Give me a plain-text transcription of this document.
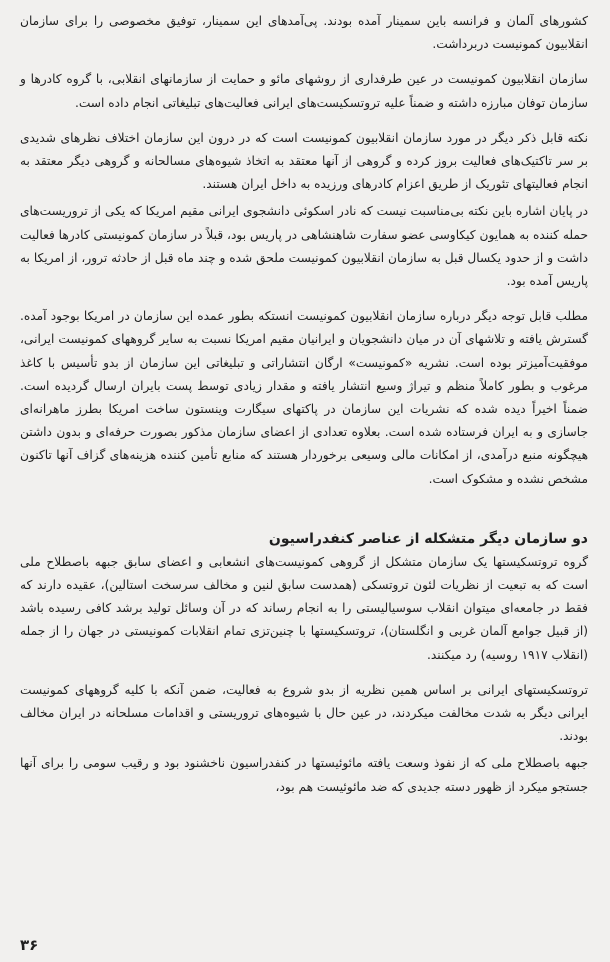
کشورهای آلمان و فرانسه باین سمینار آمده بودند. پی‌آمدهای این سمینار، توفیق مخصوصی را برای سازمان انقلابیون کمونیست دربرداشت.

سازمان انقلابیون کمونیست در عین طرفداری از روشهای مائو و حمایت از سازمانهای انقلابی، با گروه کادرها و سازمان توفان مبارزه داشته و ضمناً علیه تروتسکیست‌های ایرانی فعالیت‌های تبلیغاتی انجام داده است.

نکته قابل ذکر دیگر در مورد سازمان انقلابیون کمونیست است که در درون این سازمان اختلاف نظرهای شدیدی بر سر تاکتیک‌های فعالیت بروز کرده و گروهی از آنها معتقد به اتخاذ شیوه‌های مسالحانه و گروهی دیگر معتقد به انجام فعالیتهای تئوریک از طریق اعزام کادرهای ورزیده به داخل ایران هستند.

در پایان اشاره باین نکته بی‌مناسبت نیست که نادر اسکوئی دانشجوی ایرانی مقیم امریکا که یکی از تروریست‌های حمله کننده به همایون کیکاوسی عضو سفارت شاهنشاهی در پاریس بود، قبلاً در سازمان کمونیستی کادرها فعالیت داشت و از حدود یکسال قبل به سازمان انقلابیون کمونیست ملحق شده و چند ماه قبل از حادثه ترور، از امریکا به پاریس آمده بود.

مطلب قابل توجه دیگر درباره سازمان انقلابیون کمونیست انستکه بطور عمده این سازمان در امریکا بوجود آمده. گسترش یافته و تلاشهای آن در میان دانشجویان و ایرانیان مقیم امریکا نسبت به سایر گروههای کمونیست ایرانی، موفقیت‌آمیزتر بوده است. نشریه «کمونیست» ارگان انتشاراتی و تبلیغاتی این سازمان از بدو تأسیس با کاغذ مرغوب و بطور کاملاً منظم و تیراژ وسیع انتشار یافته و مقدار زیادی توسط پست بایران ارسال گردیده است. ضمناً اخیراً دیده شده که نشریات این سازمان در پاکتهای سیگارت وینستون ساخت امریکا بطرز ماهرانه‌ای جاسازی و به ایران فرستاده شده است. بعلاوه تعدادی از اعضای سازمان مذکور بصورت حرفه‌ای و بدون داشتن هیچگونه منبع درآمدی، از امکانات مالی وسیعی برخوردار هستند که منابع تأمین کننده هزینه‌های گزاف آنها تاکنون مشخص نشده و مشکوک است.

دو سازمان دیگر متشکله از عناصر کنفدراسیون

گروه تروتسکیستها یک سازمان متشکل از گروهی کمونیست‌های انشعابی و اعضای سابق جبهه باصطلاح ملی است که به تبعیت از نظریات لئون تروتسکی (همدست سابق لنین و مخالف سرسخت استالین)، عقیده دارند که فقط در جامعه‌ای میتوان انقلاب سوسیالیستی را به انجام رساند که در آن وسائل تولید برشد کافی رسیده باشد (از قبیل جوامع آلمان غربی و انگلستان)، تروتسکیستها با چنین‌تزی تمام انقلابات کمونیستی در جهان را از جمله (انقلاب ۱۹۱۷ روسیه) رد میکنند.

تروتسکیستهای ایرانی بر اساس همین نظریه از بدو شروع به فعالیت، ضمن آنکه با کلیه گروههای کمونیست ایرانی دیگر به شدت مخالفت میکردند، در عین حال با شیوه‌های تروریستی و اقدامات مسلحانه در ایران مخالف بودند.

جبهه باصطلاح ملی که از نفوذ وسعت یافته مائوئیستها در کنفدراسیون ناخشنود بود و رقیب سومی را برای آنها جستجو میکرد از ظهور دسته جدیدی که ضد مائوئیست هم بود،

۳۶
